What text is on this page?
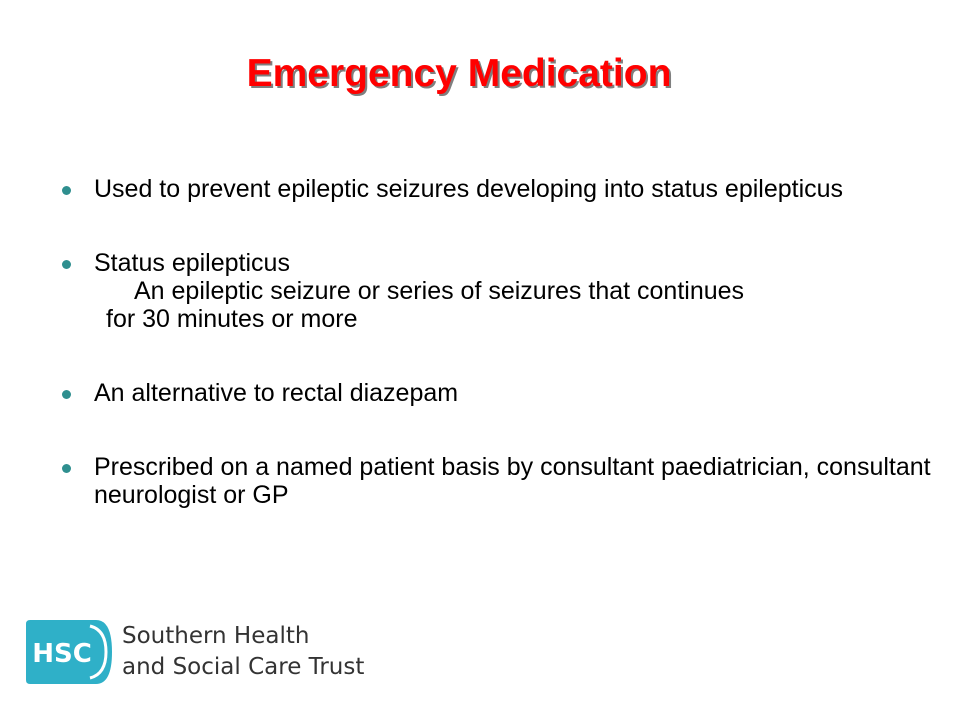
Emergency Medication
Used to prevent epileptic seizures developing into status epilepticus
Status epilepticus
An epileptic seizure or series of seizures that continues
for 30 minutes or more
An alternative to rectal diazepam
Prescribed on a named patient basis by consultant paediatrician, consultant neurologist or GP
HSC
Southern Health
and Social Care Trust
